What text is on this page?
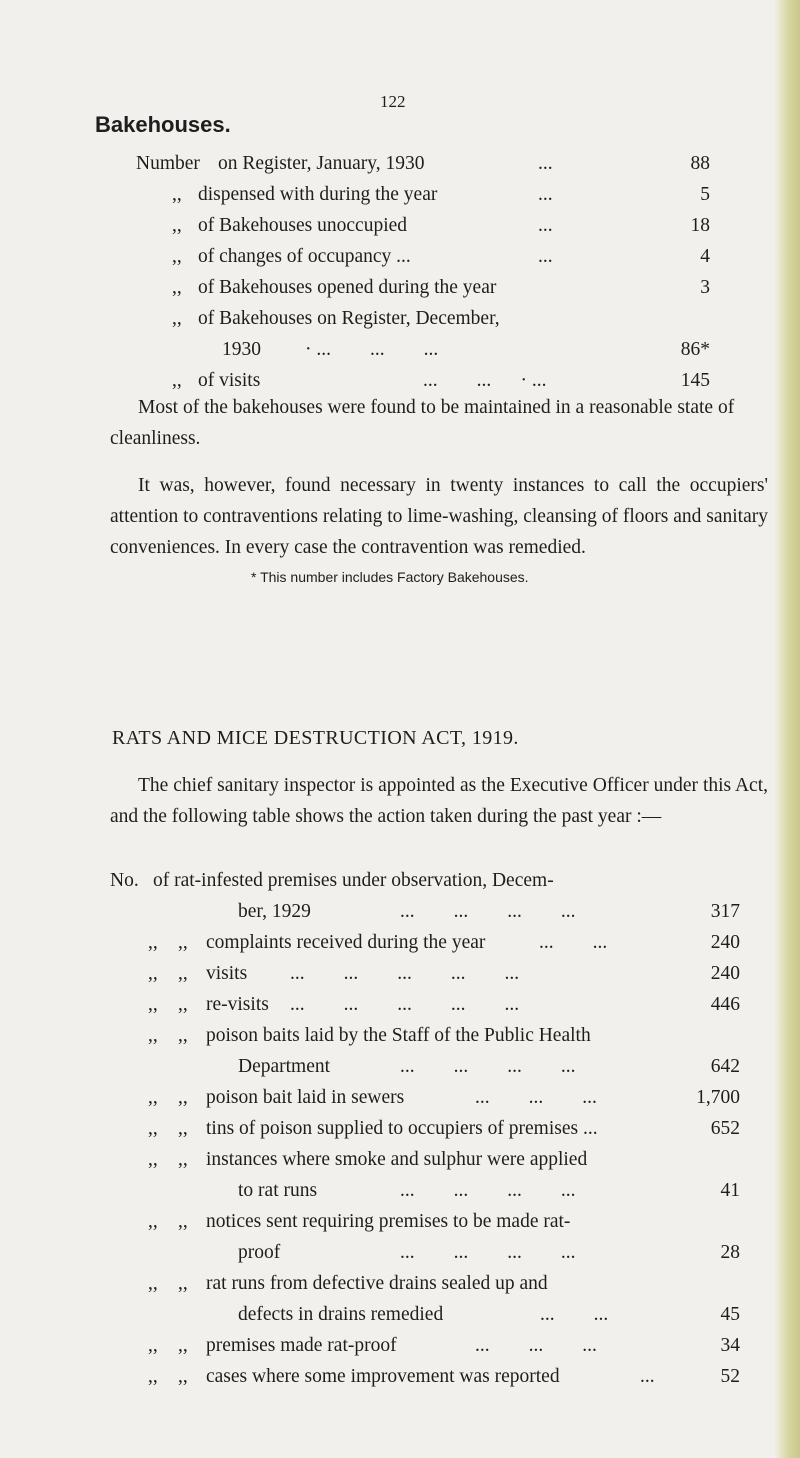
122
Bakehouses.
Number on Register, January, 1930	...	88
,, dispensed with during the year	...	5
,, of Bakehouses unoccupied	...	18
,, of changes of occupancy ...	...	4
,, of Bakehouses opened during the year	3
,, of Bakehouses on Register, December,
1930 · ...        ...        ...	86*
,, of visits	...        ...      · ...	145

Most of the bakehouses were found to be maintained in a reasonable state of cleanliness.

It was, however, found necessary in twenty instances to call the occupiers' attention to contraventions relating to lime-washing, cleansing of floors and sanitary conveniences. In every case the contravention was remedied.

* This number includes Factory Bakehouses.
RATS AND MICE DESTRUCTION ACT, 1919.

The chief sanitary inspector is appointed as the Executive Officer under this Act, and the following table shows the action taken during the past year :—

No. of rat-infested premises under observation, Decem-
ber, 1929	...        ...        ...        ...	317
,, ,, complaints received during the year	...        ...	240
,, ,, visits ...        ...        ...        ...        ...	240
,, ,, re-visits ...        ...        ...        ...        ...	446
,, ,, poison baits laid by the Staff of the Public Health
Department	...        ...        ...        ...	642
,, ,, poison bait laid in sewers	...        ...        ...	1,700
,, ,, tins of poison supplied to occupiers of premises ...	652
,, ,, instances where smoke and sulphur were applied
to rat runs	...        ...        ...        ...	41
,, ,, notices sent requiring premises to be made rat-
proof	...        ...        ...        ...	28
,, ,, rat runs from defective drains sealed up and
defects in drains remedied	...        ...	45
,, ,, premises made rat-proof	...        ...        ...	34
,, ,, cases where some improvement was reported	...	52
